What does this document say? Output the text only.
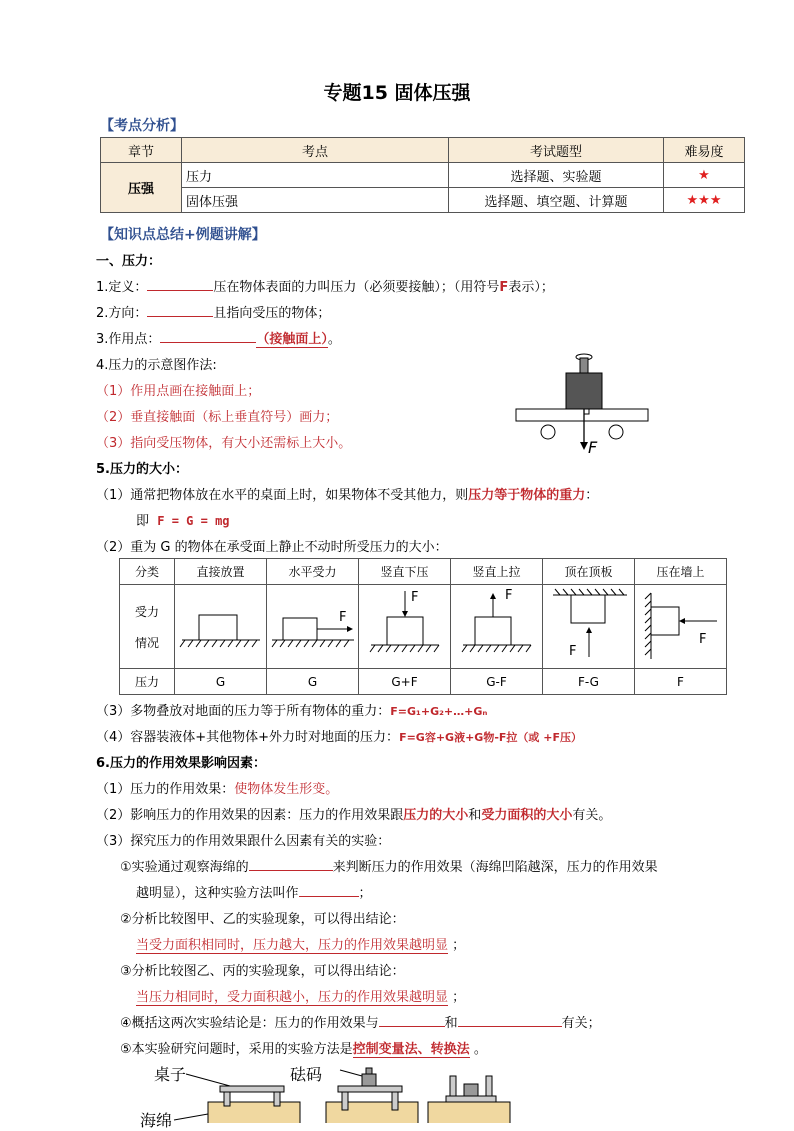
专题15 固体压强
【考点分析】
章节	考点	考试题型	难易度
压强	压力	选择题、实验题	★
	固体压强	选择题、填空题、计算题	★★★
【知识点总结+例题讲解】
一、压力：
1.定义：	压在物体表面的力叫压力（必须要接触）；（用符号F表示）；
2.方向：	且指向受压的物体；
3.作用点：	（接触面上）。
4.压力的示意图作法:
（1）作用点画在接触面上；
（2）垂直接触面（标上垂直符号）画力；
（3）指向受压物体，有大小还需标上大小。	F
5.压力的大小：
（1）通常把物体放在水平的桌面上时，如果物体不受其他力，则压力等于物体的重力：
即 F = G = mg
（2）重为 G 的物体在承受面上静止不动时所受压力的大小：
分类	直接放置	水平受力	竖直下压	竖直上拉	顶在顶板	压在墙上
受力

情况		F	F	F	F	F

压力	G	G	G+F	G-F	F-G	F
（3）多物叠放对地面的压力等于所有物体的重力：F=G₁+G₂+…+Gₙ
（4）容器装液体+其他物体+外力时对地面的压力：F=G容+G液+G物-F拉（或 +F压）
6.压力的作用效果影响因素：
（1）压力的作用效果：使物体发生形变。
（2）影响压力的作用效果的因素：压力的作用效果跟压力的大小和受力面积的大小有关。
（3）探究压力的作用效果跟什么因素有关的实验：
①实验通过观察海绵的	来判断压力的作用效果（海绵凹陷越深，压力的作用效果
越明显），这种实验方法叫作	；
②分析比较图甲、乙的实验现象，可以得出结论：
当受力面积相同时，压力越大，压力的作用效果越明显 ；
③分析比较图乙、丙的实验现象，可以得出结论：
当压力相同时，受力面积越小，压力的作用效果越明显 ；
④概括这两次实验结论是：压力的作用效果与	和	有关；
⑤本实验研究问题时，采用的实验方法是控制变量法、转换法 。
桌子	砝码
海绵
